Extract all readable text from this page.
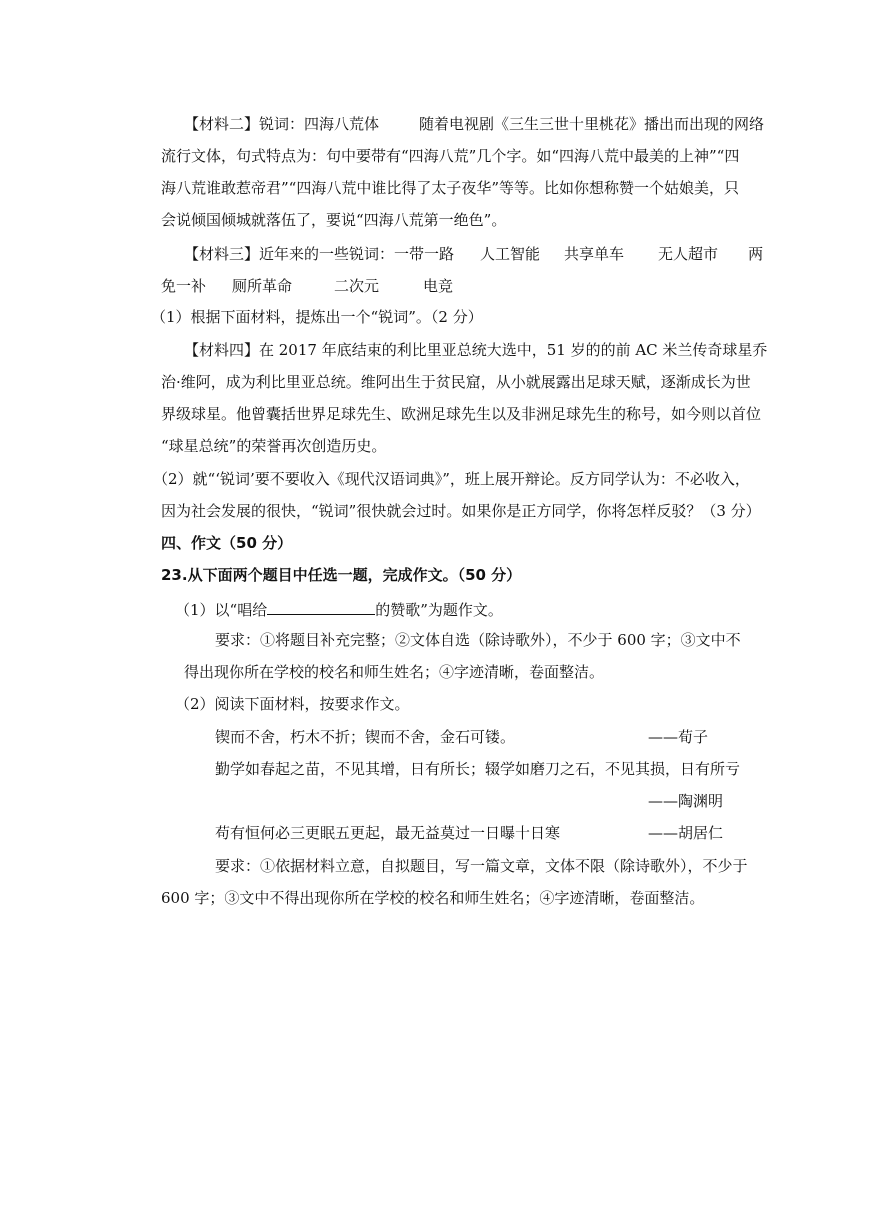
【材料二】锐词：四海八荒体	随着电视剧《三生三世十里桃花》播出而出现的网络
流行文体，句式特点为：句中要带有“四海八荒”几个字。如“四海八荒中最美的上神”“四
海八荒谁敢惹帝君”“四海八荒中谁比得了太子夜华”等等。比如你想称赞一个姑娘美，只
会说倾国倾城就落伍了，要说“四海八荒第一绝色”。
【材料三】近年来的一些锐词：一带一路 人工智能 共享单车 无人超市 两
免一补 厕所革命	二次元	电竞
（1）根据下面材料，提炼出一个“锐词”。（2 分）
【材料四】在 2017 年底结束的利比里亚总统大选中，51 岁的的前 AC 米兰传奇球星乔
治·维阿，成为利比里亚总统。维阿出生于贫民窟，从小就展露出足球天赋，逐渐成长为世
界级球星。他曾囊括世界足球先生、欧洲足球先生以及非洲足球先生的称号，如今则以首位
“球星总统”的荣誉再次创造历史。
（2）就“‘锐词’要不要收入《现代汉语词典》”，班上展开辩论。反方同学认为：不必收入，
因为社会发展的很快，“锐词”很快就会过时。如果你是正方同学，你将怎样反驳？（3 分）
四、作文（50 分）
23.从下面两个题目中任选一题，完成作文。（50 分）
（1）以“唱给	的赞歌”为题作文。
要求：①将题目补充完整；②文体自选（除诗歌外），不少于 600 字；③文中不
得出现你所在学校的校名和师生姓名；④字迹清晰，卷面整洁。
（2）阅读下面材料，按要求作文。
锲而不舍，朽木不折；锲而不舍，金石可镂。	——荀子
勤学如春起之苗，不见其增，日有所长；辍学如磨刀之石，不见其损，日有所亏
——陶渊明
苟有恒何必三更眠五更起，最无益莫过一日曝十日寒	——胡居仁
要求：①依据材料立意，自拟题目，写一篇文章，文体不限（除诗歌外），不少于
600 字；③文中不得出现你所在学校的校名和师生姓名；④字迹清晰，卷面整洁。
